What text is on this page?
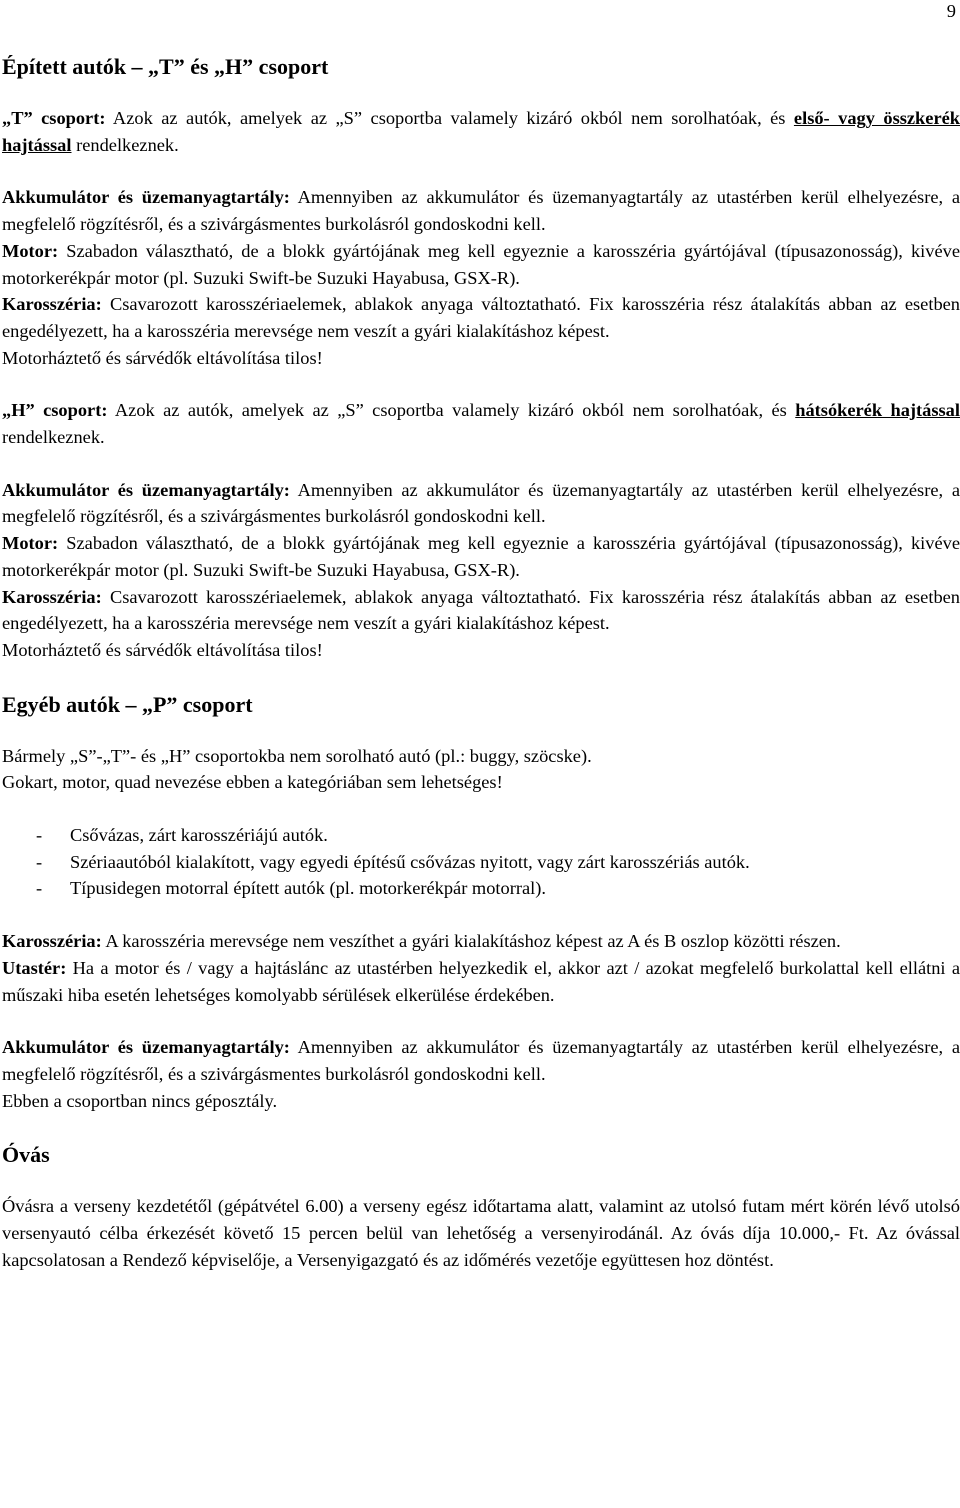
9
Épített autók – „T” és „H” csoport

„T” csoport: Azok az autók, amelyek az „S” csoportba valamely kizáró okból nem sorolhatóak, és első- vagy összkerék hajtással rendelkeznek.

Akkumulátor és üzemanyagtartály: Amennyiben az akkumulátor és üzemanyagtartály az utastérben kerül elhelyezésre, a megfelelő rögzítésről, és a szivárgásmentes burkolásról gondoskodni kell.

Motor: Szabadon választható, de a blokk gyártójának meg kell egyeznie a karosszéria gyártójával (típusazonosság), kivéve motorkerékpár motor (pl. Suzuki Swift-be Suzuki Hayabusa, GSX-R).

Karosszéria: Csavarozott karosszériaelemek, ablakok anyaga változtatható. Fix karosszéria rész átalakítás abban az esetben engedélyezett, ha a karosszéria merevsége nem veszít a gyári kialakításhoz képest.

Motorháztető és sárvédők eltávolítása tilos!

„H” csoport: Azok az autók, amelyek az „S” csoportba valamely kizáró okból nem sorolhatóak, és hátsókerék hajtással rendelkeznek.

Akkumulátor és üzemanyagtartály: Amennyiben az akkumulátor és üzemanyagtartály az utastérben kerül elhelyezésre, a megfelelő rögzítésről, és a szivárgásmentes burkolásról gondoskodni kell.

Motor: Szabadon választható, de a blokk gyártójának meg kell egyeznie a karosszéria gyártójával (típusazonosság), kivéve motorkerékpár motor (pl. Suzuki Swift-be Suzuki Hayabusa, GSX-R).

Karosszéria: Csavarozott karosszériaelemek, ablakok anyaga változtatható. Fix karosszéria rész átalakítás abban az esetben engedélyezett, ha a karosszéria merevsége nem veszít a gyári kialakításhoz képest.

Motorháztető és sárvédők eltávolítása tilos!

Egyéb autók – „P” csoport

Bármely „S”-„T”- és „H” csoportokba nem sorolható autó (pl.: buggy, szöcske).

Gokart, motor, quad nevezése ebben a kategóriában sem lehetséges!

- Csővázas, zárt karosszériájú autók.
- Szériaautóból kialakított, vagy egyedi építésű csővázas nyitott, vagy zárt karosszériás autók.
- Típusidegen motorral épített autók (pl. motorkerékpár motorral).

Karosszéria: A karosszéria merevsége nem veszíthet a gyári kialakításhoz képest az A és B oszlop közötti részen.

Utastér: Ha a motor és / vagy a hajtáslánc az utastérben helyezkedik el, akkor azt / azokat megfelelő burkolattal kell ellátni a műszaki hiba esetén lehetséges komolyabb sérülések elkerülése érdekében.

Akkumulátor és üzemanyagtartály: Amennyiben az akkumulátor és üzemanyagtartály az utastérben kerül elhelyezésre, a megfelelő rögzítésről, és a szivárgásmentes burkolásról gondoskodni kell.

Ebben a csoportban nincs géposztály.

Óvás

Óvásra a verseny kezdetétől (gépátvétel 6.00) a verseny egész időtartama alatt, valamint az utolsó futam mért körén lévő utolsó versenyautó célba érkezését követő 15 percen belül van lehetőség a versenyirodánál. Az óvás díja 10.000,- Ft. Az óvással kapcsolatosan a Rendező képviselője, a Versenyigazgató és az időmérés vezetője együttesen hoz döntést.
